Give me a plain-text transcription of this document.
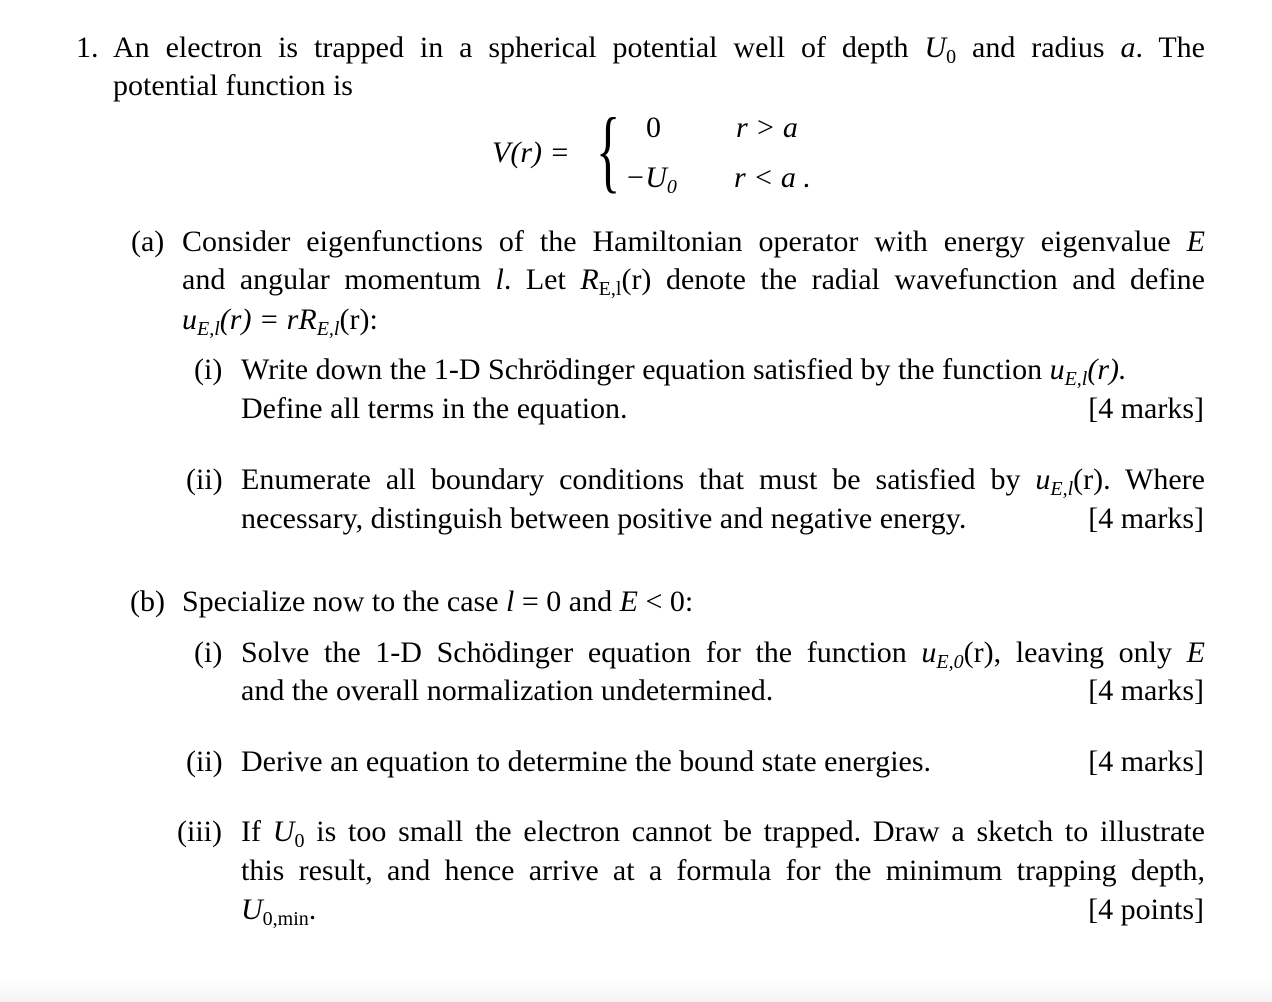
1. An electron is trapped in a spherical potential well of depth $U_0$ and radius a. The
potential function is
V(r) = { 0	r > a
$-U_0$ r < a .
(a) Consider eigenfunctions of the Hamiltonian operator with energy eigenvalue E
and angular momentum l. Let $R_{E,l}(r)$ denote the radial wavefunction and define
$u_{E,l}(r) = rR_{E,l}(r)$:
(i) Write down the 1-D Schrödinger equation satisfied by the function $u_{E,l}(r)$.
Define all terms in the equation.	[4 marks]
(ii) Enumerate all boundary conditions that must be satisfied by $u_{E,l}(r)$. Where
necessary, distinguish between positive and negative energy.	[4 marks]
(b) Specialize now to the case l = 0 and E < 0:
(i) Solve the 1-D Schödinger equation for the function $u_{E,0}(r)$, leaving only E
and the overall normalization undetermined.	[4 marks]
(ii) Derive an equation to determine the bound state energies.	[4 marks]
(iii) If $U_0$ is too small the electron cannot be trapped. Draw a sketch to illustrate
this result, and hence arrive at a formula for the minimum trapping depth,
$U_{0,min}$.	[4 points]
